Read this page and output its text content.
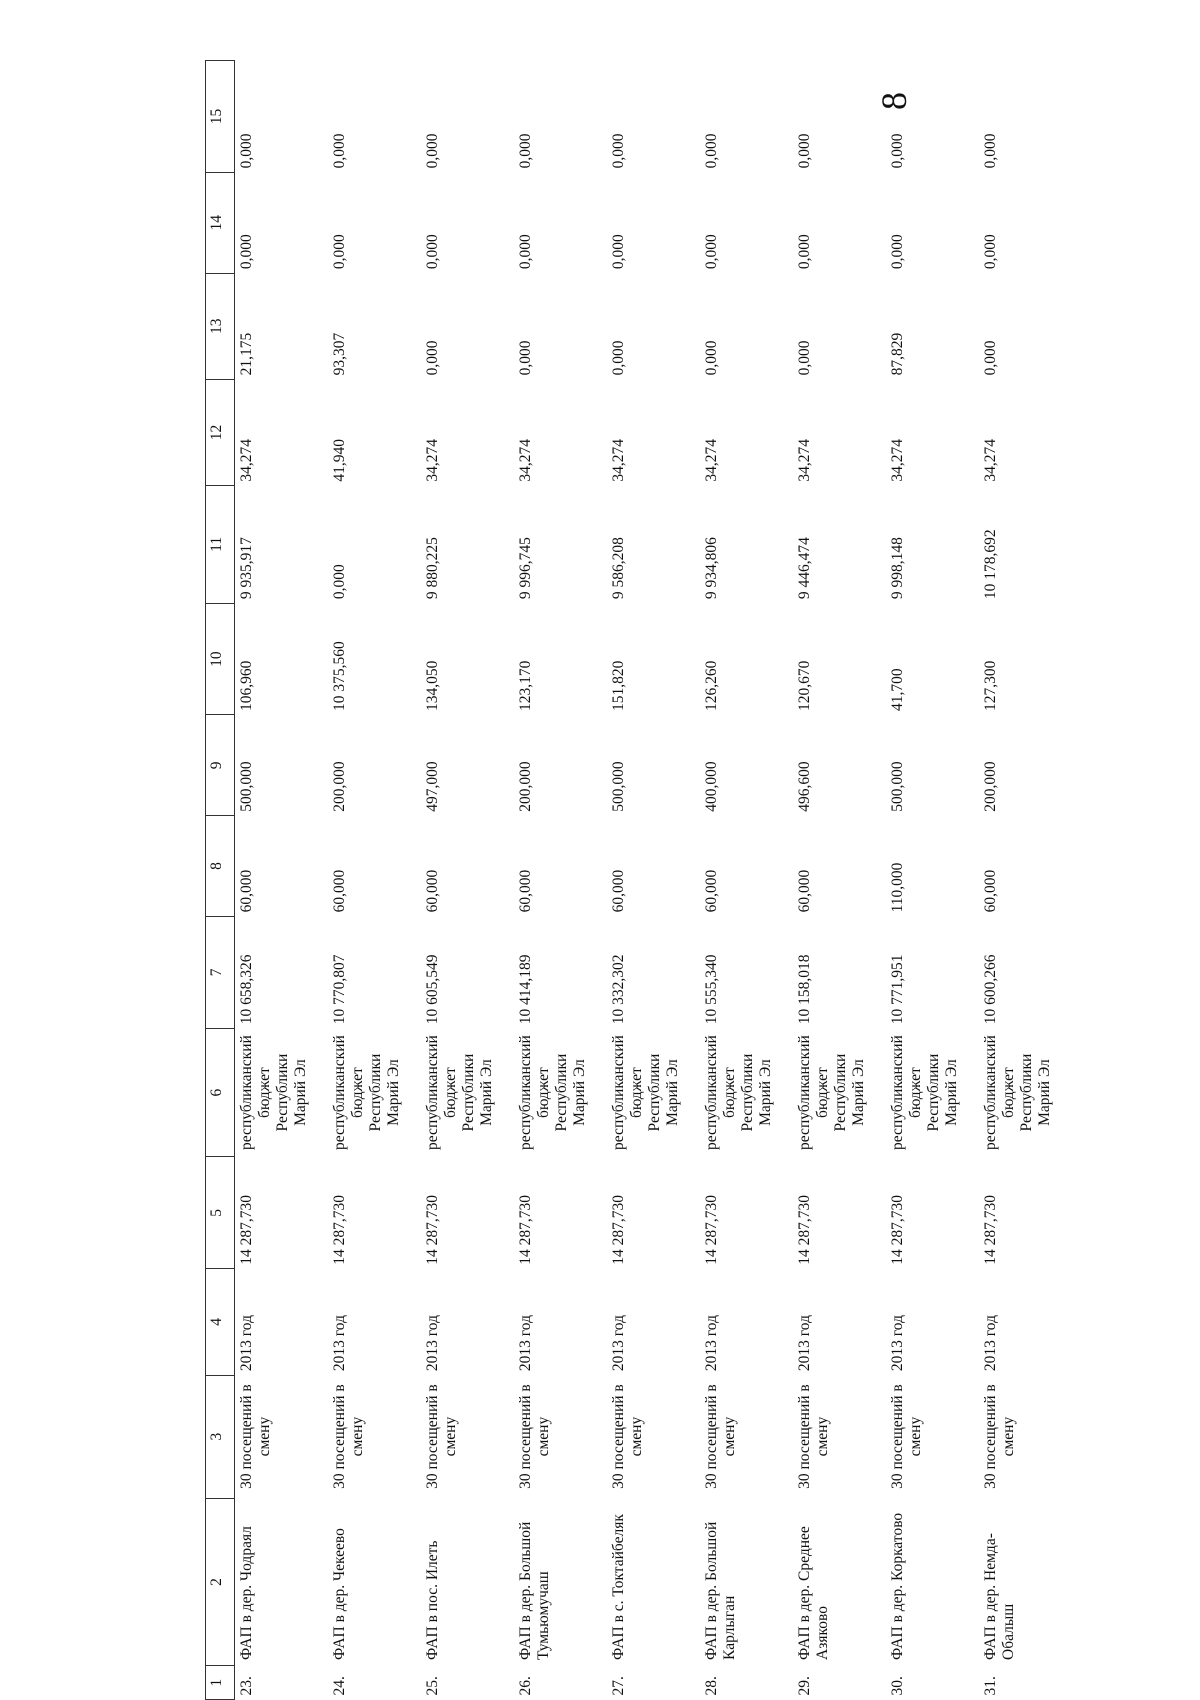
8
1	2	3	4	5	6	7	8	9	10	11	12	13	14	15
23.	ФАП в дер. Чодраял	30 посещений в смену	2013 год	14 287,730	республиканский бюджет Республики Марий Эл	10 658,326	60,000	500,000	106,960	9 935,917	34,274	21,175	0,000	0,000
24.	ФАП в дер. Чекеево	30 посещений в смену	2013 год	14 287,730	республиканский бюджет Республики Марий Эл	10 770,807	60,000	200,000	10 375,560	0,000	41,940	93,307	0,000	0,000
25.	ФАП в пос. Илеть	30 посещений в смену	2013 год	14 287,730	республиканский бюджет Республики Марий Эл	10 605,549	60,000	497,000	134,050	9 880,225	34,274	0,000	0,000	0,000
26.	ФАП в дер. Большой Тумьюмучаш	30 посещений в смену	2013 год	14 287,730	республиканский бюджет Республики Марий Эл	10 414,189	60,000	200,000	123,170	9 996,745	34,274	0,000	0,000	0,000
27.	ФАП в с. Токтайбеляк	30 посещений в смену	2013 год	14 287,730	республиканский бюджет Республики Марий Эл	10 332,302	60,000	500,000	151,820	9 586,208	34,274	0,000	0,000	0,000
28.	ФАП в дер. Большой Карлыган	30 посещений в смену	2013 год	14 287,730	республиканский бюджет Республики Марий Эл	10 555,340	60,000	400,000	126,260	9 934,806	34,274	0,000	0,000	0,000
29.	ФАП в дер. Среднее Азяково	30 посещений в смену	2013 год	14 287,730	республиканский бюджет Республики Марий Эл	10 158,018	60,000	496,600	120,670	9 446,474	34,274	0,000	0,000	0,000
30.	ФАП в дер. Коркатово	30 посещений в смену	2013 год	14 287,730	республиканский бюджет Республики Марий Эл	10 771,951	110,000	500,000	41,700	9 998,148	34,274	87,829	0,000	0,000
31.	ФАП в дер. Немда-Обалыш	30 посещений в смену	2013 год	14 287,730	республиканский бюджет Республики Марий Эл	10 600,266	60,000	200,000	127,300	10 178,692	34,274	0,000	0,000	0,000
